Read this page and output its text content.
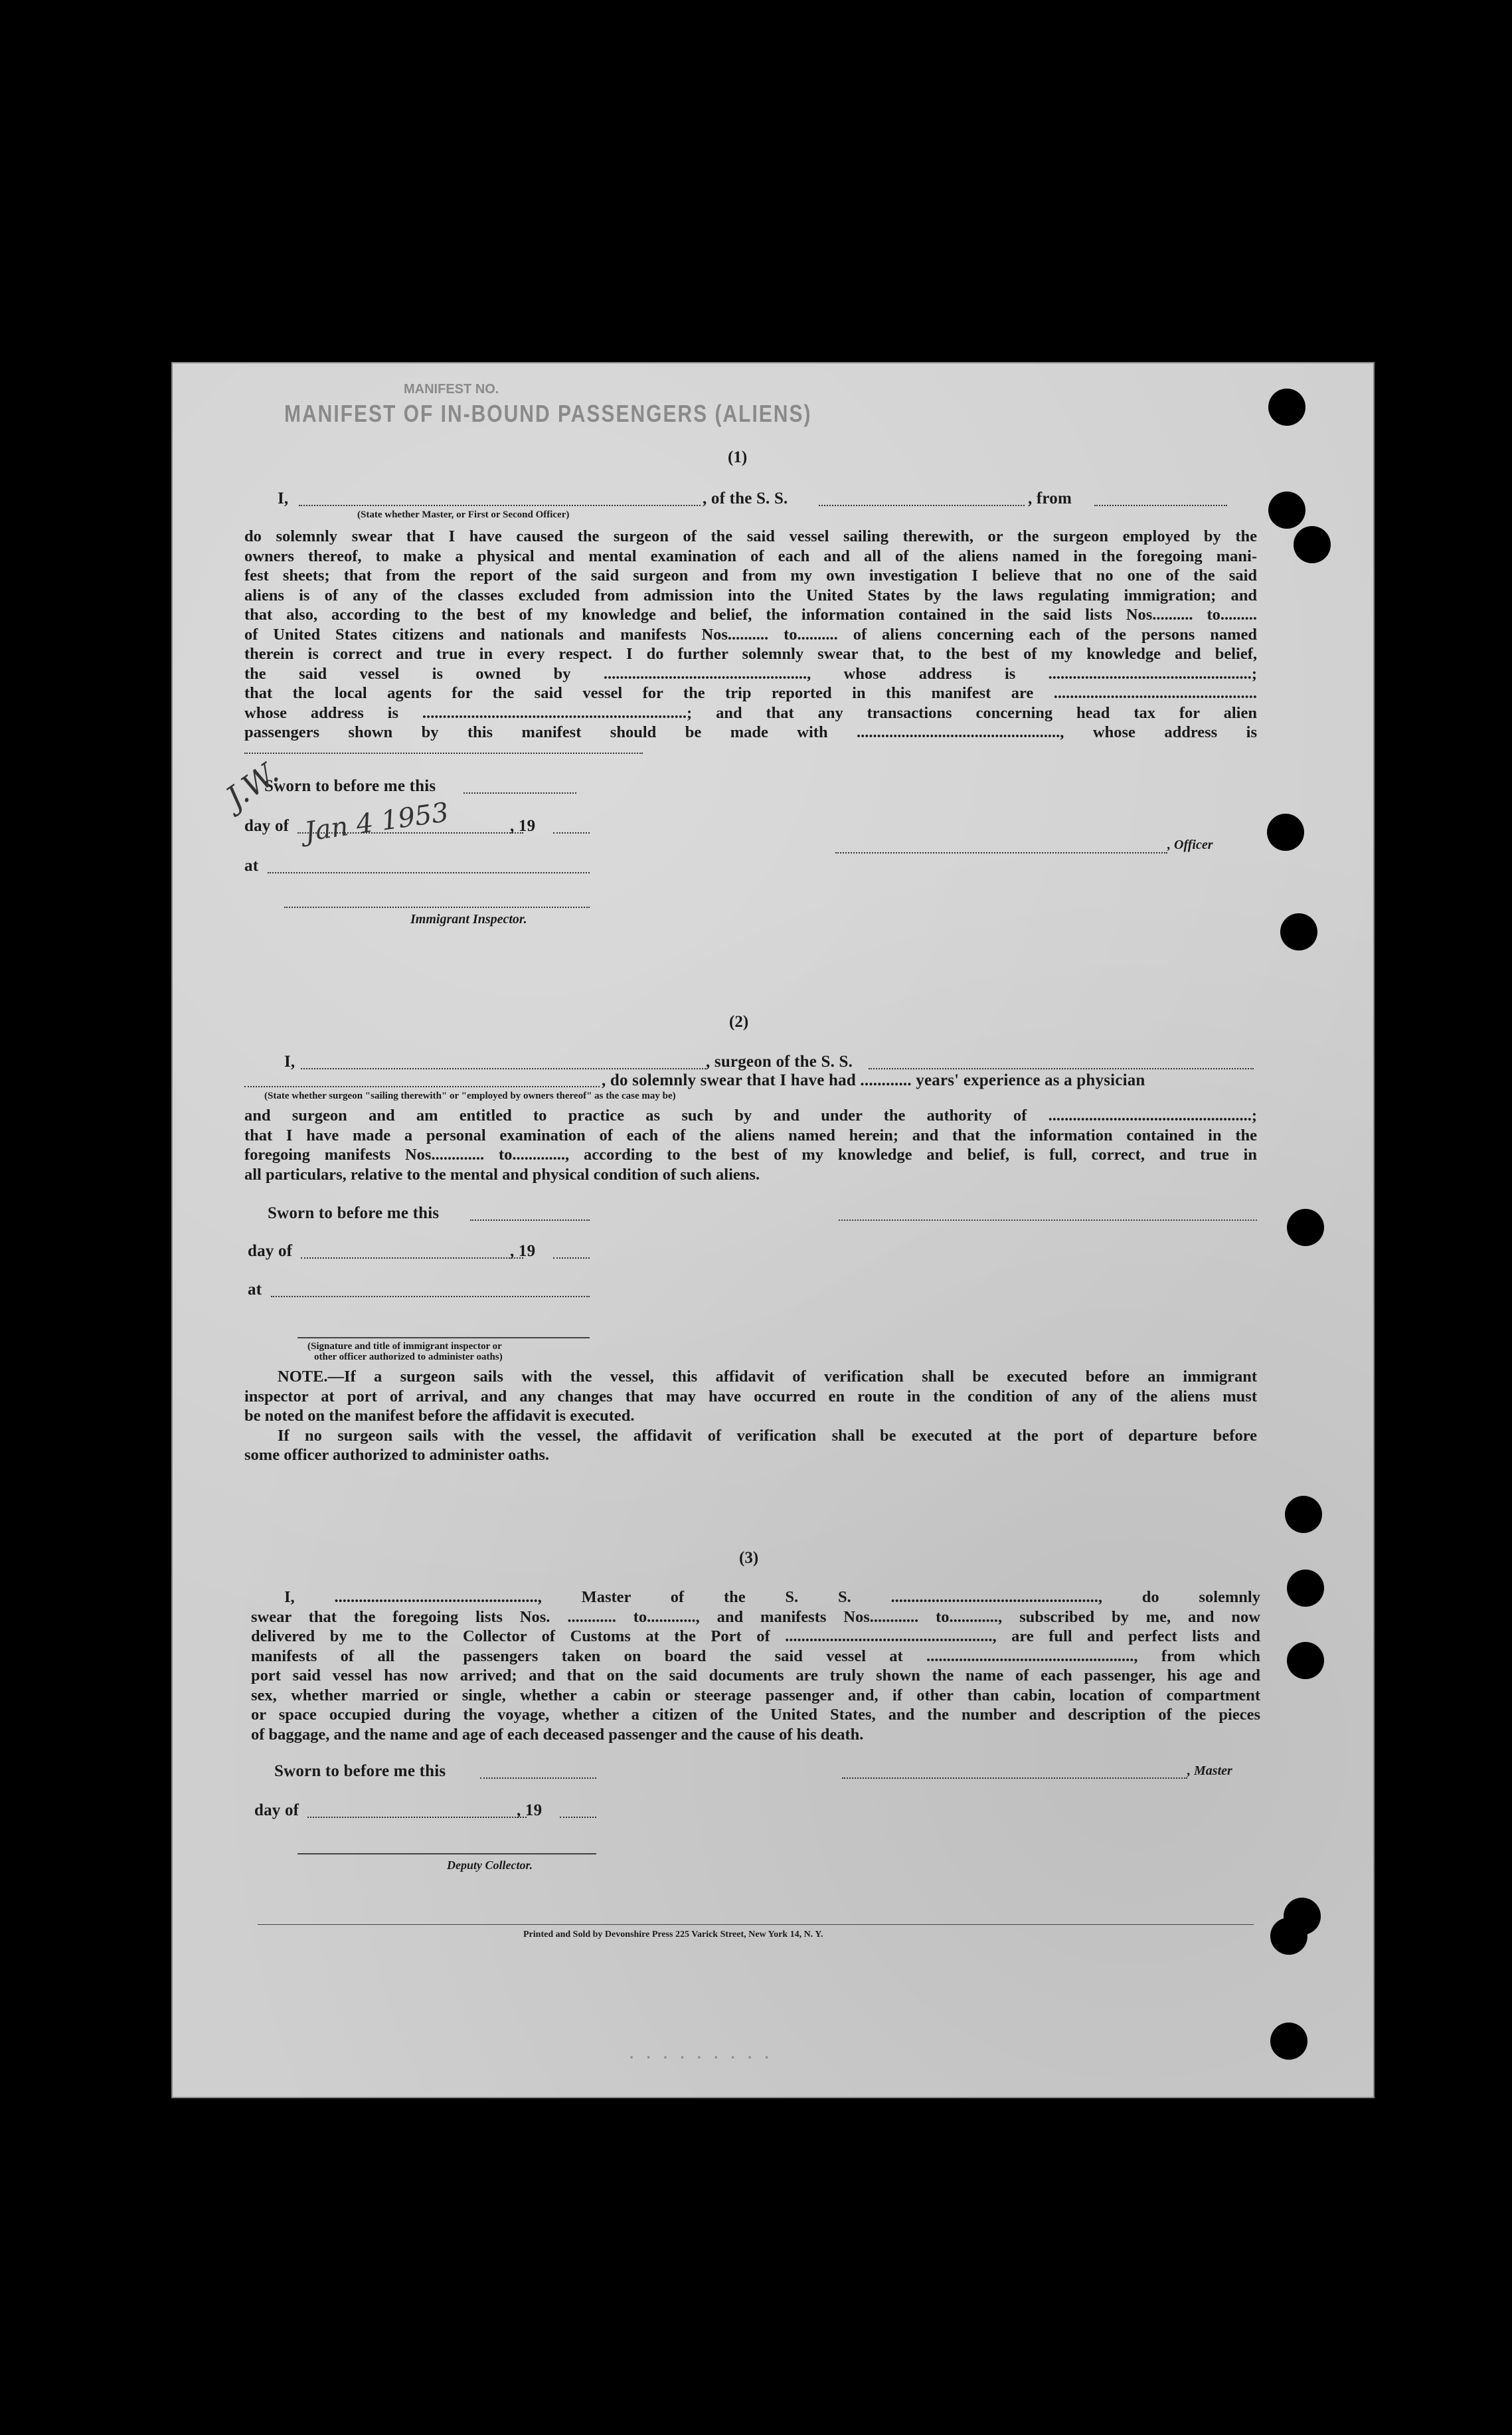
MANIFEST NO.
MANIFEST OF IN-BOUND PASSENGERS (ALIENS)
(1)
I,	, of the S. S.	, from
(State whether Master, or First or Second Officer)
do solemnly swear that I have caused the surgeon of the said vessel sailing therewith, or the surgeon employed by the
owners thereof, to make a physical and mental examination of each and all of the aliens named in the foregoing mani-
fest sheets; that from the report of the said surgeon and from my own investigation I believe that no one of the said
aliens is of any of the classes excluded from admission into the United States by the laws regulating immigration; and
that also, according to the best of my knowledge and belief, the information contained in the said lists Nos.......... to.........
of United States citizens and nationals and manifests Nos.......... to.......... of aliens concerning each of the persons named
therein is correct and true in every respect. I do further solemnly swear that, to the best of my knowledge and belief,
the said vessel is owned by .................................................., whose address is ..................................................;
that the local agents for the said vessel for the trip reported in this manifest are ..................................................
whose address is .................................................................; and that any transactions concerning head tax for alien
passengers shown by this manifest should be made with .................................................., whose address is
Sworn to before me this
day of	, 19
J.W.
Jan 4 1953	, Officer
at
Immigrant Inspector.
(2)
I,	, surgeon of the S. S.
, do solemnly swear that I have had ............ years' experience as a physician
(State whether surgeon "sailing therewith" or "employed by owners thereof" as the case may be)
and surgeon and am entitled to practice as such by and under the authority of ..................................................;
that I have made a personal examination of each of the aliens named herein; and that the information contained in the
foregoing manifests Nos............. to............., according to the best of my knowledge and belief, is full, correct, and true in
all particulars, relative to the mental and physical condition of such aliens.
Sworn to before me this
day of	, 19
at
(Signature and title of immigrant inspector or
other officer authorized to administer oaths)
NOTE.—If a surgeon sails with the vessel, this affidavit of verification shall be executed before an immigrant
inspector at port of arrival, and any changes that may have occurred en route in the condition of any of the aliens must
be noted on the manifest before the affidavit is executed.
If no surgeon sails with the vessel, the affidavit of verification shall be executed at the port of departure before
some officer authorized to administer oaths.
(3)
I, .................................................., Master of the S. S. ..................................................., do solemnly
swear that the foregoing lists Nos. ............ to............, and manifests Nos............ to............, subscribed by me, and now
delivered by me to the Collector of Customs at the Port of ..................................................., are full and perfect lists and
manifests of all the passengers taken on board the said vessel at ..................................................., from which
port said vessel has now arrived; and that on the said documents are truly shown the name of each passenger, his age and
sex, whether married or single, whether a cabin or steerage passenger and, if other than cabin, location of compartment
or space occupied during the voyage, whether a citizen of the United States, and the number and description of the pieces
of baggage, and the name and age of each deceased passenger and the cause of his death.
Sworn to before me this	, Master
day of	, 19
Deputy Collector.
Printed and Sold by Devonshire Press 225 Varick Street, New York 14, N. Y.
· · · · · · · · ·
